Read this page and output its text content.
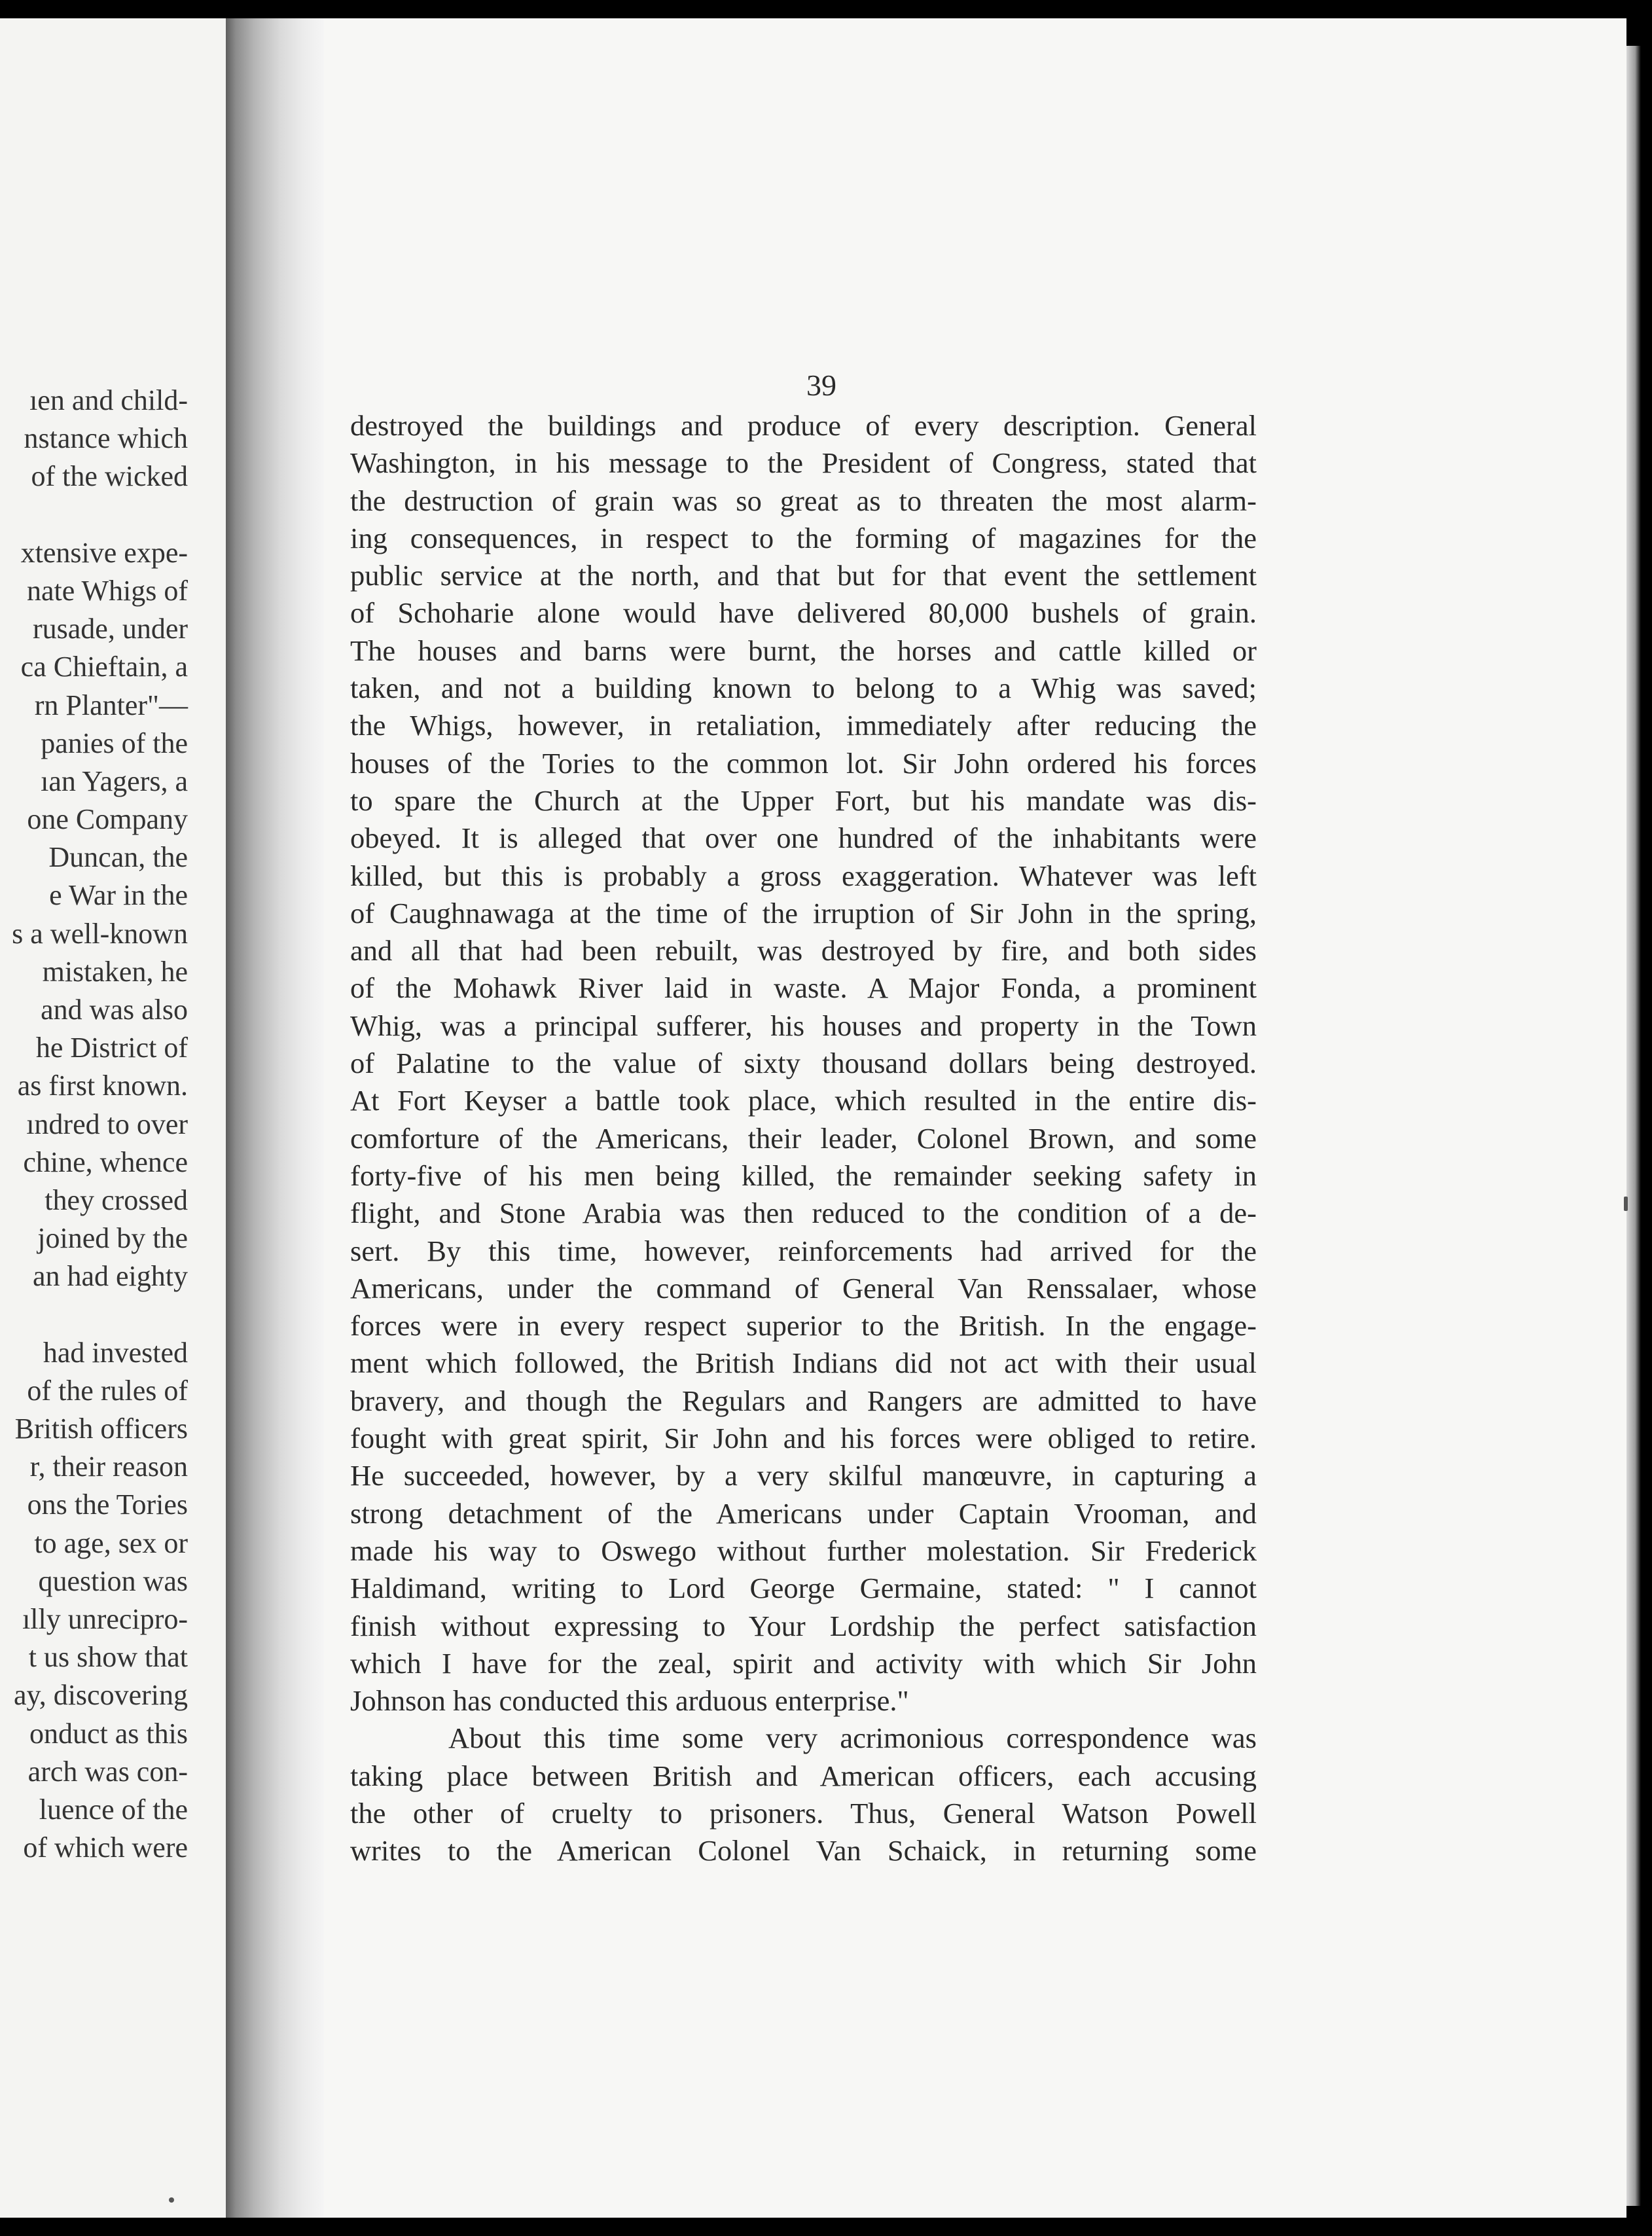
ıen and child-
nstance which
of the wicked
xtensive expe-
nate Whigs of
rusade, under
ca Chieftain, a
rn Planter"—
panies of the
ıan Yagers, a
one Company
Duncan, the
e War in the
s a well-known
mistaken, he
and was also
he District of
as first known.
ındred to over
chine, whence
they crossed
joined by the
an had eighty
had invested
of the rules of
British officers
r, their reason
ons the Tories
to age, sex or
question was
ılly unrecipro-
t us show that
ay, discovering
onduct as this
arch was con-
luence of the
of which were
39
destroyed the buildings and produce of every description. General
Washington, in his message to the President of Congress, stated that
the destruction of grain was so great as to threaten the most alarm-
ing consequences, in respect to the forming of magazines for the
public service at the north, and that but for that event the settlement
of Schoharie alone would have delivered 80,000 bushels of grain.
The houses and barns were burnt, the horses and cattle killed or
taken, and not a building known to belong to a Whig was saved;
the Whigs, however, in retaliation, immediately after reducing the
houses of the Tories to the common lot. Sir John ordered his forces
to spare the Church at the Upper Fort, but his mandate was dis-
obeyed. It is alleged that over one hundred of the inhabitants were
killed, but this is probably a gross exaggeration. Whatever was left
of Caughnawaga at the time of the irruption of Sir John in the spring,
and all that had been rebuilt, was destroyed by fire, and both sides
of the Mohawk River laid in waste. A Major Fonda, a prominent
Whig, was a principal sufferer, his houses and property in the Town
of Palatine to the value of sixty thousand dollars being destroyed.
At Fort Keyser a battle took place, which resulted in the entire dis-
comforture of the Americans, their leader, Colonel Brown, and some
forty-five of his men being killed, the remainder seeking safety in
flight, and Stone Arabia was then reduced to the condition of a de-
sert. By this time, however, reinforcements had arrived for the
Americans, under the command of General Van Renssalaer, whose
forces were in every respect superior to the British. In the engage-
ment which followed, the British Indians did not act with their usual
bravery, and though the Regulars and Rangers are admitted to have
fought with great spirit, Sir John and his forces were obliged to retire.
He succeeded, however, by a very skilful manœuvre, in capturing a
strong detachment of the Americans under Captain Vrooman, and
made his way to Oswego without further molestation. Sir Frederick
Haldimand, writing to Lord George Germaine, stated: " I cannot
finish without expressing to Your Lordship the perfect satisfaction
which I have for the zeal, spirit and activity with which Sir John
Johnson has conducted this arduous enterprise."
About this time some very acrimonious correspondence was
taking place between British and American officers, each accusing
the other of cruelty to prisoners. Thus, General Watson Powell
writes to the American Colonel Van Schaick, in returning some
